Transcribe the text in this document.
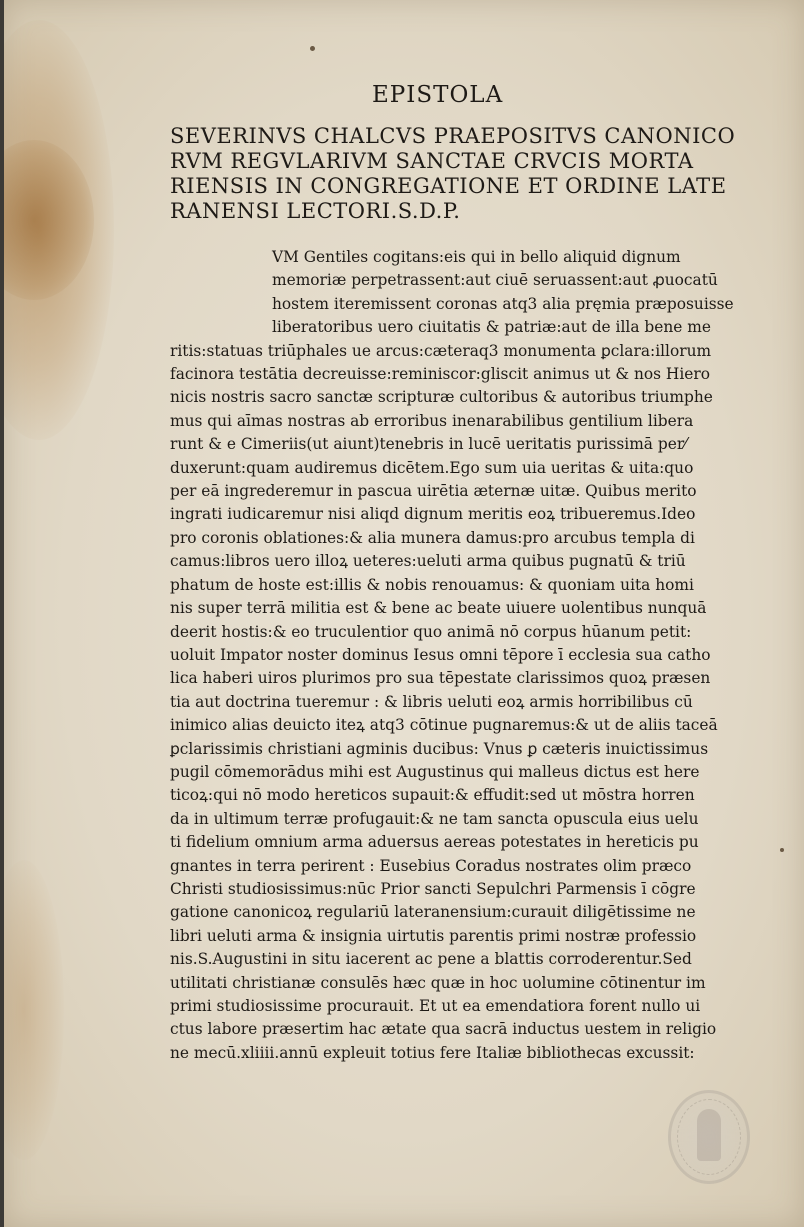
EPISTOLA
SEVERINVS CHALCVS PRAEPOSITVS CANONICO
RVM REGVLARIVM SANCTAE CRVCIS MORTA
RIENSIS IN CONGREGATIONE ET ORDINE LATE
RANENSI LECTORI.S.D.P.
VM Gentiles cogitans:eis qui in bello aliquid dignum
memoriæ perpetrassent:aut ciuē seruassent:aut ꝓuocatū
hostem iteremissent coronas atq3 alia pręmia præposuisse
liberatoribus uero ciuitatis & patriæ:aut de illa bene me
ritis:statuas triūphales ue arcus:cæteraq3 monumenta ꝑclara:illorum
facinora testātia decreuisse:reminiscor:gliscit animus ut & nos Hiero
nicis nostris sacro sanctæ scripturæ cultoribus & autoribus triumphe
mus qui aīmas nostras ab erroribus inenarabilibus gentilium libera
runt & e Cimeriis(ut aiunt)tenebris in lucē ueritatis purissimā per⁄
duxerunt:quam audiremus dicētem.Ego sum uia ueritas & uita:quo
per eā ingrederemur in pascua uirētia æternæ uitæ. Quibus merito
ingrati iudicaremur nisi aliqd dignum meritis eoꝝ tribueremus.Ideo
pro coronis oblationes:& alia munera damus:pro arcubus templa di
camus:libros uero illoꝝ ueteres:ueluti arma quibus pugnatū & triū
phatum de hoste est:illis & nobis renouamus: & quoniam uita homi
nis super terrā militia est & bene ac beate uiuere uolentibus nunquā
deerit hostis:& eo truculentior quo animā nō corpus hūanum petit:
uoluit Impator noster dominus Iesus omni tēpore ī ecclesia sua catho
lica haberi uiros plurimos pro sua tēpestate clarissimos quoꝝ præsen
tia aut doctrina tueremur : & libris ueluti eoꝝ armis horribilibus cū
inimico alias deuicto iteꝝ atq3 cōtinue pugnaremus:& ut de aliis taceā
ꝑclarissimis christiani agminis ducibus: Vnus ꝑ cæteris inuictissimus
pugil cōmemorādus mihi est Augustinus qui malleus dictus est here
ticoꝝ:qui nō modo hereticos supauit:& effudit:sed ut mōstra horren
da in ultimum terræ profugauit:& ne tam sancta opuscula eius uelu
ti fidelium omnium arma aduersus aereas potestates in hereticis pu
gnantes in terra perirent : Eusebius Coradus nostrates olim præco
Christi studiosissimus:nūc Prior sancti Sepulchri Parmensis ī cōgre
gatione canonicoꝝ regulariū lateranensium:curauit diligētissime ne
libri ueluti arma & insignia uirtutis parentis primi nostræ professio
nis.S.Augustini in situ iacerent ac pene a blattis corroderentur.Sed
utilitati christianæ consulēs hæc quæ in hoc uolumine cōtinentur im
primi studiosissime procurauit. Et ut ea emendatiora forent nullo ui
ctus labore præsertim hac ætate qua sacrā inductus uestem in religio
ne mecū.xliiii.annū expleuit totius fere Italiæ bibliothecas excussit:
